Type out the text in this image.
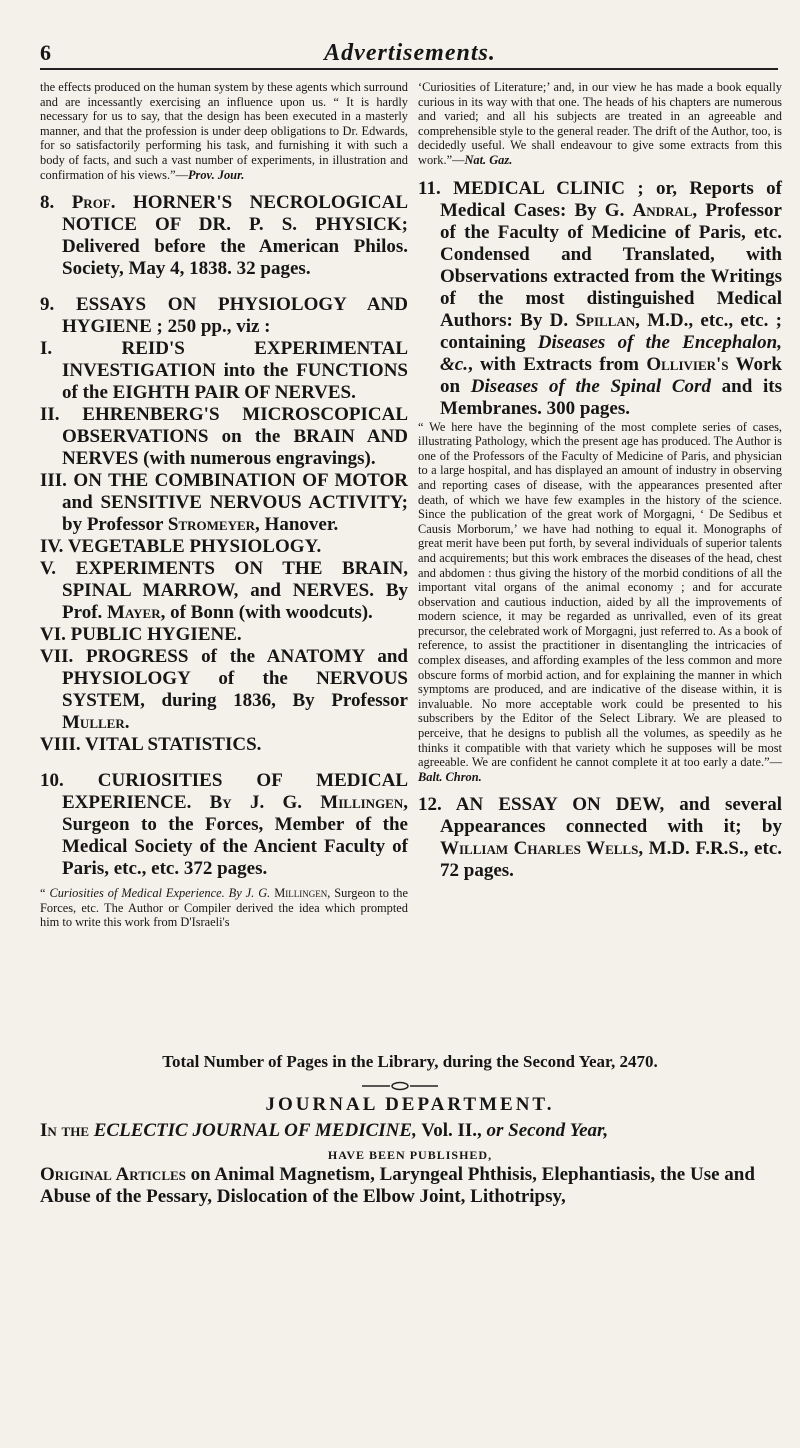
6	Advertisements.

the effects produced on the human system by these agents which surround and are incessantly exercising an influence upon us. “ It is hardly necessary for us to say, that the design has been executed in a masterly manner, and that the profession is under deep obligations to Dr. Edwards, for so satisfactorily performing his task, and furnishing it with such a body of facts, and such a vast number of experiments, in illustration and confirmation of his views.”—Prov. Jour.

8. Prof. HORNER'S NECROLOGICAL NOTICE OF DR. P. S. PHYSICK; Delivered before the American Philos. Society, May 4, 1838. 32 pages.

9. ESSAYS ON PHYSIOLOGY AND HYGIENE ; 250 pp., viz :

I. REID'S EXPERIMENTAL INVESTIGATION into the FUNCTIONS of the EIGHTH PAIR OF NERVES.

II. EHRENBERG'S MICROSCOPICAL OBSERVATIONS on the BRAIN AND NERVES (with numerous engravings).

III. ON THE COMBINATION OF MOTOR and SENSITIVE NERVOUS ACTIVITY; by Professor Stromeyer, Hanover.

IV. VEGETABLE PHYSIOLOGY.

V. EXPERIMENTS ON THE BRAIN, SPINAL MARROW, and NERVES. By Prof. Mayer, of Bonn (with woodcuts).

VI. PUBLIC HYGIENE.

VII. PROGRESS of the ANATOMY and PHYSIOLOGY of the NERVOUS SYSTEM, during 1836, By Professor Muller.

VIII. VITAL STATISTICS.

10. CURIOSITIES OF MEDICAL EXPERIENCE. By J. G. Millingen, Surgeon to the Forces, Member of the Medical Society of the Ancient Faculty of Paris, etc., etc. 372 pages.

“ Curiosities of Medical Experience. By J. G. Millingen, Surgeon to the Forces, etc. The Author or Compiler derived the idea which prompted him to write this work from D'Israeli's

‘Curiosities of Literature;’ and, in our view he has made a book equally curious in its way with that one. The heads of his chapters are numerous and varied; and all his subjects are treated in an agreeable and comprehensible style to the general reader. The drift of the Author, too, is decidedly useful. We shall endeavour to give some extracts from this work.”—Nat. Gaz.

11. MEDICAL CLINIC ; or, Reports of Medical Cases: By G. Andral, Professor of the Faculty of Medicine of Paris, etc. Condensed and Translated, with Observations extracted from the Writings of the most distinguished Medical Authors: By D. Spillan, M.D., etc., etc. ; containing Diseases of the Encephalon, &c., with Extracts from Ollivier's Work on Diseases of the Spinal Cord and its Membranes. 300 pages.

“ We here have the beginning of the most complete series of cases, illustrating Pathology, which the present age has produced. The Author is one of the Professors of the Faculty of Medicine of Paris, and physician to a large hospital, and has displayed an amount of industry in observing and reporting cases of disease, with the appearances presented after death, of which we have few examples in the history of the science. Since the publication of the great work of Morgagni, ‘ De Sedibus et Causis Morborum,’ we have had nothing to equal it. Monographs of great merit have been put forth, by several individuals of superior talents and acquirements; but this work embraces the diseases of the head, chest and abdomen : thus giving the history of the morbid conditions of all the important vital organs of the animal economy ; and for accurate observation and cautious induction, aided by all the improvements of modern science, it may be regarded as unrivalled, even of its great precursor, the celebrated work of Morgagni, just referred to. As a book of reference, to assist the practitioner in disentangling the intricacies of complex diseases, and affording examples of the less common and more obscure forms of morbid action, and for explaining the manner in which symptoms are produced, and are indicative of the disease within, it is invaluable. No more acceptable work could be presented to his subscribers by the Editor of the Select Library. We are pleased to perceive, that he designs to publish all the volumes, as speedily as he thinks it compatible with that variety which he supposes will be most agreeable. We are confident he cannot complete it at too early a date.”—Balt. Chron.

12. AN ESSAY ON DEW, and several Appearances connected with it; by William Charles Wells, M.D. F.R.S., etc. 72 pages.

Total Number of Pages in the Library, during the Second Year, 2470.
JOURNAL DEPARTMENT.
In the ECLECTIC JOURNAL OF MEDICINE, Vol. II., or Second Year,
HAVE BEEN PUBLISHED,
Original Articles on Animal Magnetism, Laryngeal Phthisis, Elephantiasis, the Use and Abuse of the Pessary, Dislocation of the Elbow Joint, Lithotripsy,
